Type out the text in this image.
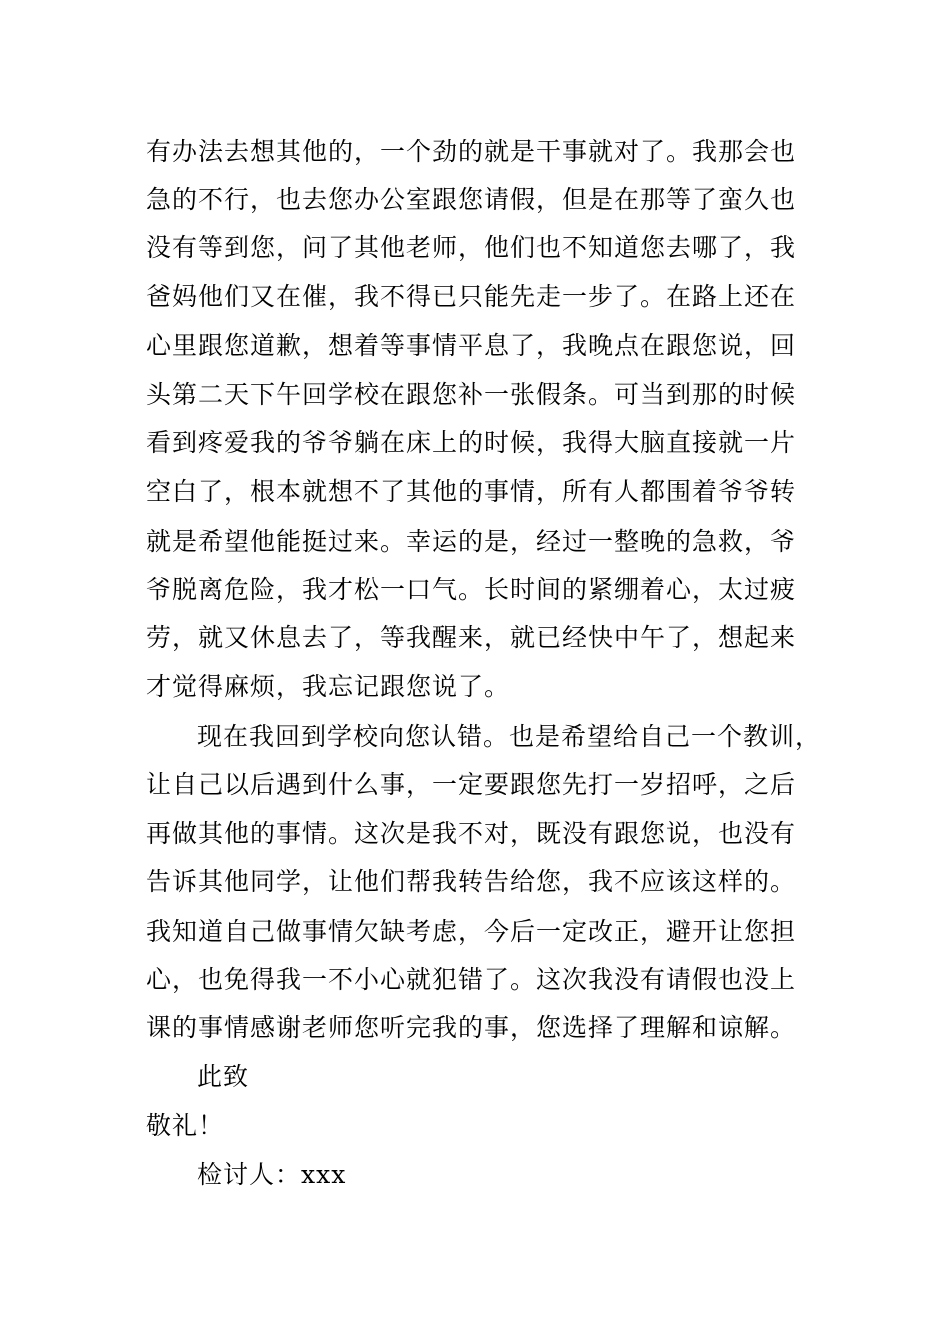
有办法去想其他的，一个劲的就是干事就对了。我那会也
急的不行，也去您办公室跟您请假，但是在那等了蛮久也
没有等到您，问了其他老师，他们也不知道您去哪了，我
爸妈他们又在催，我不得已只能先走一步了。在路上还在
心里跟您道歉，想着等事情平息了，我晚点在跟您说，回
头第二天下午回学校在跟您补一张假条。可当到那的时候
看到疼爱我的爷爷躺在床上的时候，我得大脑直接就一片
空白了，根本就想不了其他的事情，所有人都围着爷爷转
就是希望他能挺过来。幸运的是，经过一整晚的急救，爷
爷脱离危险，我才松一口气。长时间的紧绷着心，太过疲
劳，就又休息去了，等我醒来，就已经快中午了，想起来
才觉得麻烦，我忘记跟您说了。
现在我回到学校向您认错。也是希望给自己一个教训，
让自己以后遇到什么事，一定要跟您先打一岁招呼，之后
再做其他的事情。这次是我不对，既没有跟您说，也没有
告诉其他同学，让他们帮我转告给您，我不应该这样的。
我知道自己做事情欠缺考虑，今后一定改正，避开让您担
心，也免得我一不小心就犯错了。这次我没有请假也没上
课的事情感谢老师您听完我的事，您选择了理解和谅解。
此致
敬礼！
检讨人：xxx
